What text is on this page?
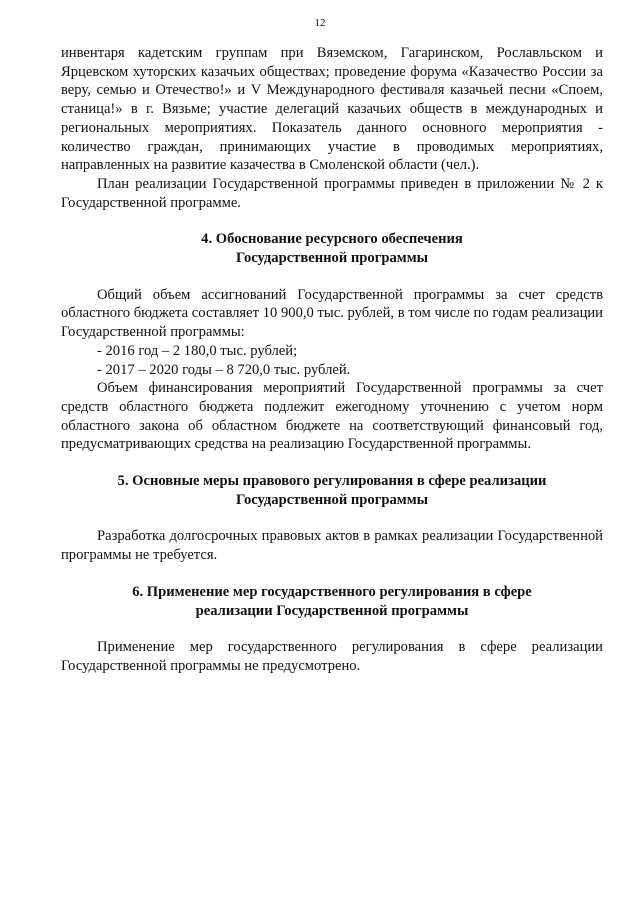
12

инвентаря кадетским группам при Вяземском, Гагаринском, Рославльском и Ярцевском хуторских казачьих обществах; проведение форума «Казачество России за веру, семью и Отечество!» и V Международного фестиваля казачьей песни «Споем, станица!» в г. Вязьме; участие делегаций казачьих обществ в международных и региональных мероприятиях. Показатель данного основного мероприятия - количество граждан, принимающих участие в проводимых мероприятиях, направленных на развитие казачества в Смоленской области (чел.).

План реализации Государственной программы приведен в приложении № 2 к Государственной программе.

4. Обоснование ресурсного обеспечения
Государственной программы

Общий объем ассигнований Государственной программы за счет средств областного бюджета составляет 10 900,0 тыс. рублей, в том числе по годам реализации Государственной программы:

- 2016 год – 2 180,0 тыс. рублей;

- 2017 – 2020 годы – 8 720,0 тыс. рублей.

Объем финансирования мероприятий Государственной программы за счет средств областного бюджета подлежит ежегодному уточнению с учетом норм областного закона об областном бюджете на соответствующий финансовый год, предусматривающих средства на реализацию Государственной программы.

5. Основные меры правового регулирования в сфере реализации
Государственной программы

Разработка долгосрочных правовых актов в рамках реализации Государственной программы не требуется.

6. Применение мер государственного регулирования в сфере
реализации Государственной программы

Применение мер государственного регулирования в сфере реализации Государственной программы не предусмотрено.
